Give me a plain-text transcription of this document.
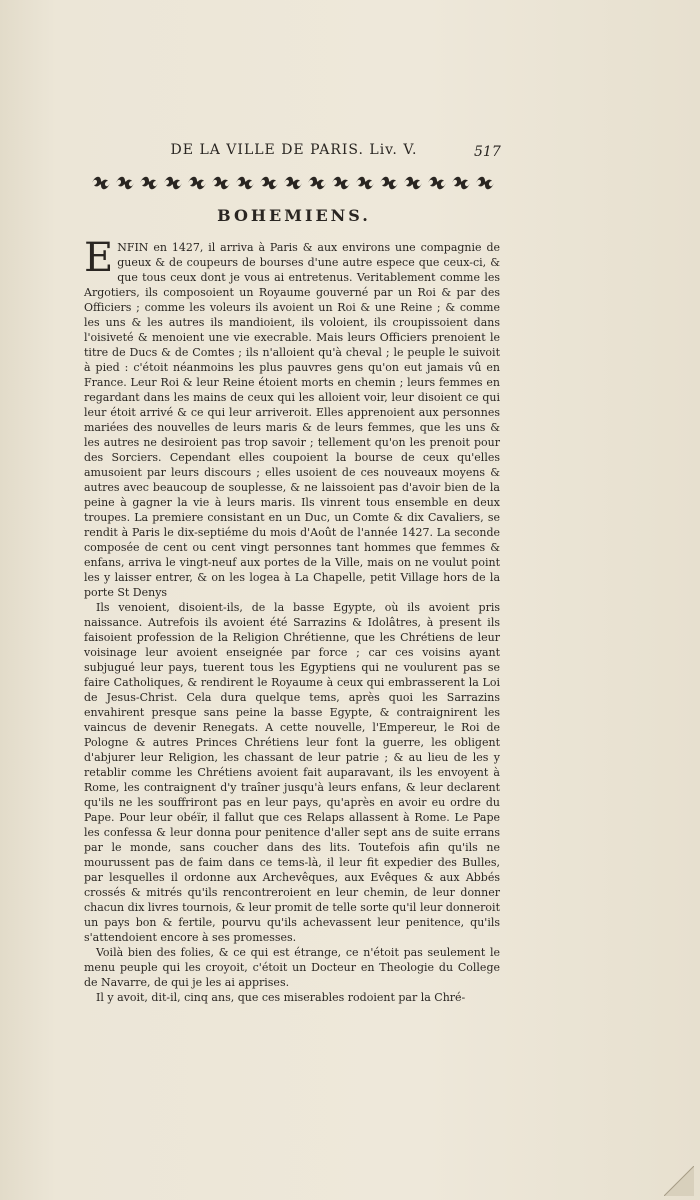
DE LA VILLE DE PARIS. Liv. V.	517
BOHEMIENS.

ENFIN en 1427, il arriva à Paris & aux environs une compagnie de gueux & de coupeurs de bourses d'une autre espece que ceux-ci, & que tous ceux dont je vous ai entretenus. Veritablement comme les Argotiers, ils composoient un Royaume gouverné par un Roi & par des Officiers ; comme les voleurs ils avoient un Roi & une Reine ; & comme les uns & les autres ils mandioient, ils voloient, ils croupissoient dans l'oisiveté & menoient une vie execrable. Mais leurs Officiers prenoient le titre de Ducs & de Comtes ; ils n'alloient qu'à cheval ; le peuple le suivoit à pied : c'étoit néanmoins les plus pauvres gens qu'on eut jamais vû en France. Leur Roi & leur Reine étoient morts en chemin ; leurs femmes en regardant dans les mains de ceux qui les alloient voir, leur disoient ce qui leur étoit arrivé & ce qui leur arriveroit. Elles apprenoient aux personnes mariées des nouvelles de leurs maris & de leurs femmes, que les uns & les autres ne desiroient pas trop savoir ; tellement qu'on les prenoit pour des Sorciers. Cependant elles coupoient la bourse de ceux qu'elles amusoient par leurs discours ; elles usoient de ces nouveaux moyens & autres avec beaucoup de souplesse, & ne laissoient pas d'avoir bien de la peine à gagner la vie à leurs maris. Ils vinrent tous ensemble en deux troupes. La premiere consistant en un Duc, un Comte & dix Cavaliers, se rendit à Paris le dix-septiéme du mois d'Août de l'année 1427. La seconde composée de cent ou cent vingt personnes tant hommes que femmes & enfans, arriva le vingt-neuf aux portes de la Ville, mais on ne voulut point les y laisser entrer, & on les logea à La Chapelle, petit Village hors de la porte St Denys

Ils venoient, disoient-ils, de la basse Egypte, où ils avoient pris naissance. Autrefois ils avoient été Sarrazins & Idolâtres, à present ils faisoient profession de la Religion Chrétienne, que les Chrétiens de leur voisinage leur avoient enseignée par force ; car ces voisins ayant subjugué leur pays, tuerent tous les Egyptiens qui ne voulurent pas se faire Catholiques, & rendirent le Royaume à ceux qui embrasserent la Loi de Jesus-Christ. Cela dura quelque tems, après quoi les Sarrazins envahirent presque sans peine la basse Egypte, & contraignirent les vaincus de devenir Renegats. A cette nouvelle, l'Empereur, le Roi de Pologne & autres Princes Chrétiens leur font la guerre, les obligent d'abjurer leur Religion, les chassant de leur patrie ; & au lieu de les y retablir comme les Chrétiens avoient fait auparavant, ils les envoyent à Rome, les contraignent d'y traîner jusqu'à leurs enfans, & leur declarent qu'ils ne les souffriront pas en leur pays, qu'après en avoir eu ordre du Pape. Pour leur obéïr, il fallut que ces Relaps allassent à Rome. Le Pape les confessa & leur donna pour penitence d'aller sept ans de suite errans par le monde, sans coucher dans des lits. Toutefois afin qu'ils ne mourussent pas de faim dans ce tems-là, il leur fit expedier des Bulles, par lesquelles il ordonne aux Archevêques, aux Evêques & aux Abbés crossés & mitrés qu'ils rencontreroient en leur chemin, de leur donner chacun dix livres tournois, & leur promit de telle sorte qu'il leur donneroit un pays bon & fertile, pourvu qu'ils achevassent leur penitence, qu'ils s'attendoient encore à ses promesses.

Voilà bien des folies, & ce qui est étrange, ce n'étoit pas seulement le menu peuple qui les croyoit, c'étoit un Docteur en Theologie du College de Navarre, de qui je les ai apprises.

Il y avoit, dit-il, cinq ans, que ces miserables rodoient par la Chré-
